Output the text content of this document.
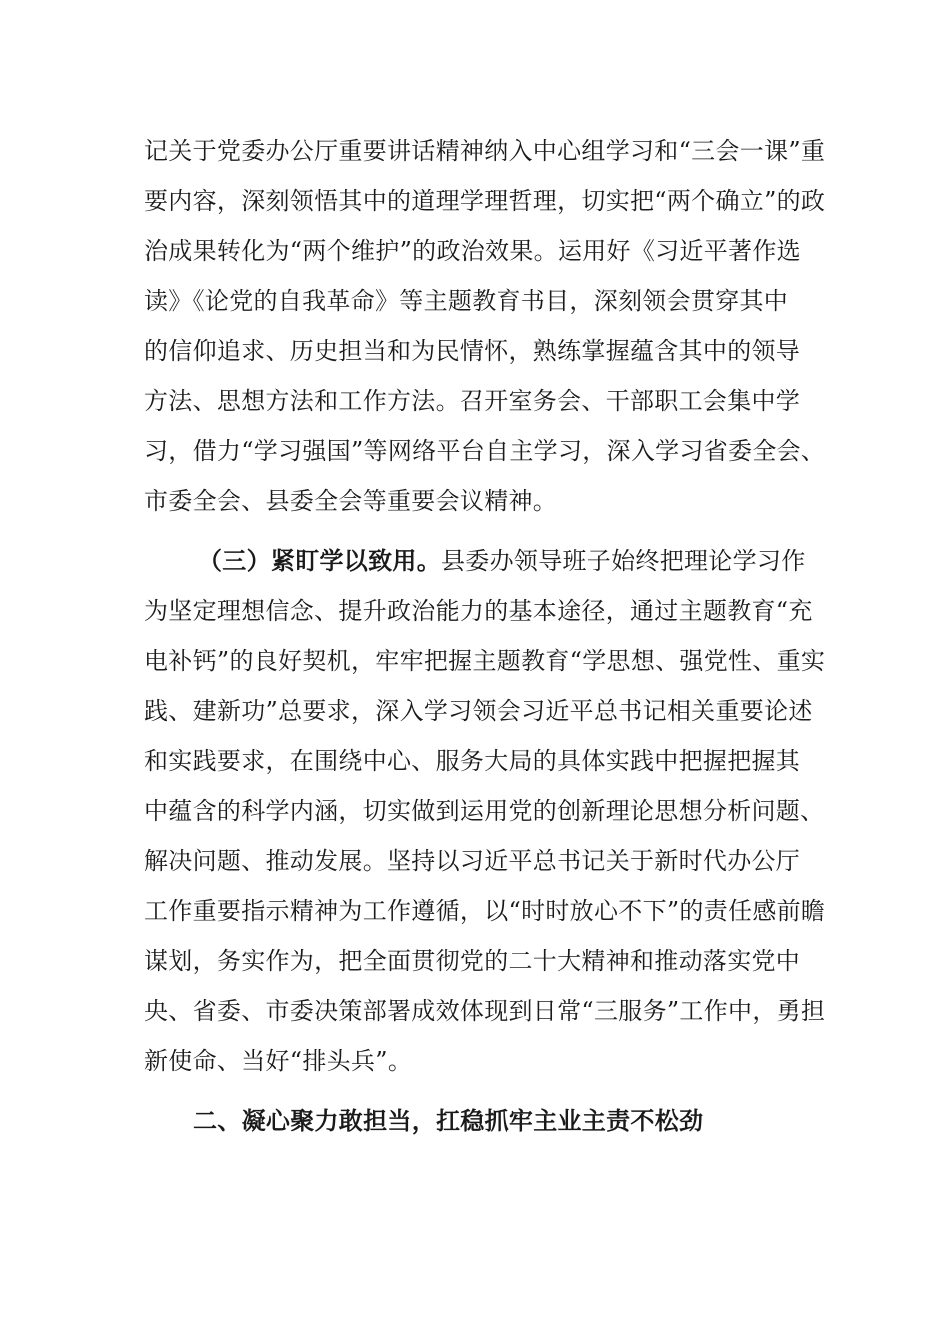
记关于党委办公厅重要讲话精神纳入中心组学习和“三会一课”重
要内容，深刻领悟其中的道理学理哲理，切实把“两个确立”的政
治成果转化为“两个维护”的政治效果。运用好《习近平著作选
读》《论党的自我革命》等主题教育书目，深刻领会贯穿其中
的信仰追求、历史担当和为民情怀，熟练掌握蕴含其中的领导
方法、思想方法和工作方法。召开室务会、干部职工会集中学
习，借力“学习强国”等网络平台自主学习，深入学习省委全会、
市委全会、县委全会等重要会议精神。
（三）紧盯学以致用。县委办领导班子始终把理论学习作
为坚定理想信念、提升政治能力的基本途径，通过主题教育“充
电补钙”的良好契机，牢牢把握主题教育“学思想、强党性、重实
践、建新功”总要求，深入学习领会习近平总书记相关重要论述
和实践要求，在围绕中心、服务大局的具体实践中把握把握其
中蕴含的科学内涵，切实做到运用党的创新理论思想分析问题、
解决问题、推动发展。坚持以习近平总书记关于新时代办公厅
工作重要指示精神为工作遵循，以“时时放心不下”的责任感前瞻
谋划，务实作为，把全面贯彻党的二十大精神和推动落实党中
央、省委、市委决策部署成效体现到日常“三服务”工作中，勇担
新使命、当好“排头兵”。
二、凝心聚力敢担当，扛稳抓牢主业主责不松劲
